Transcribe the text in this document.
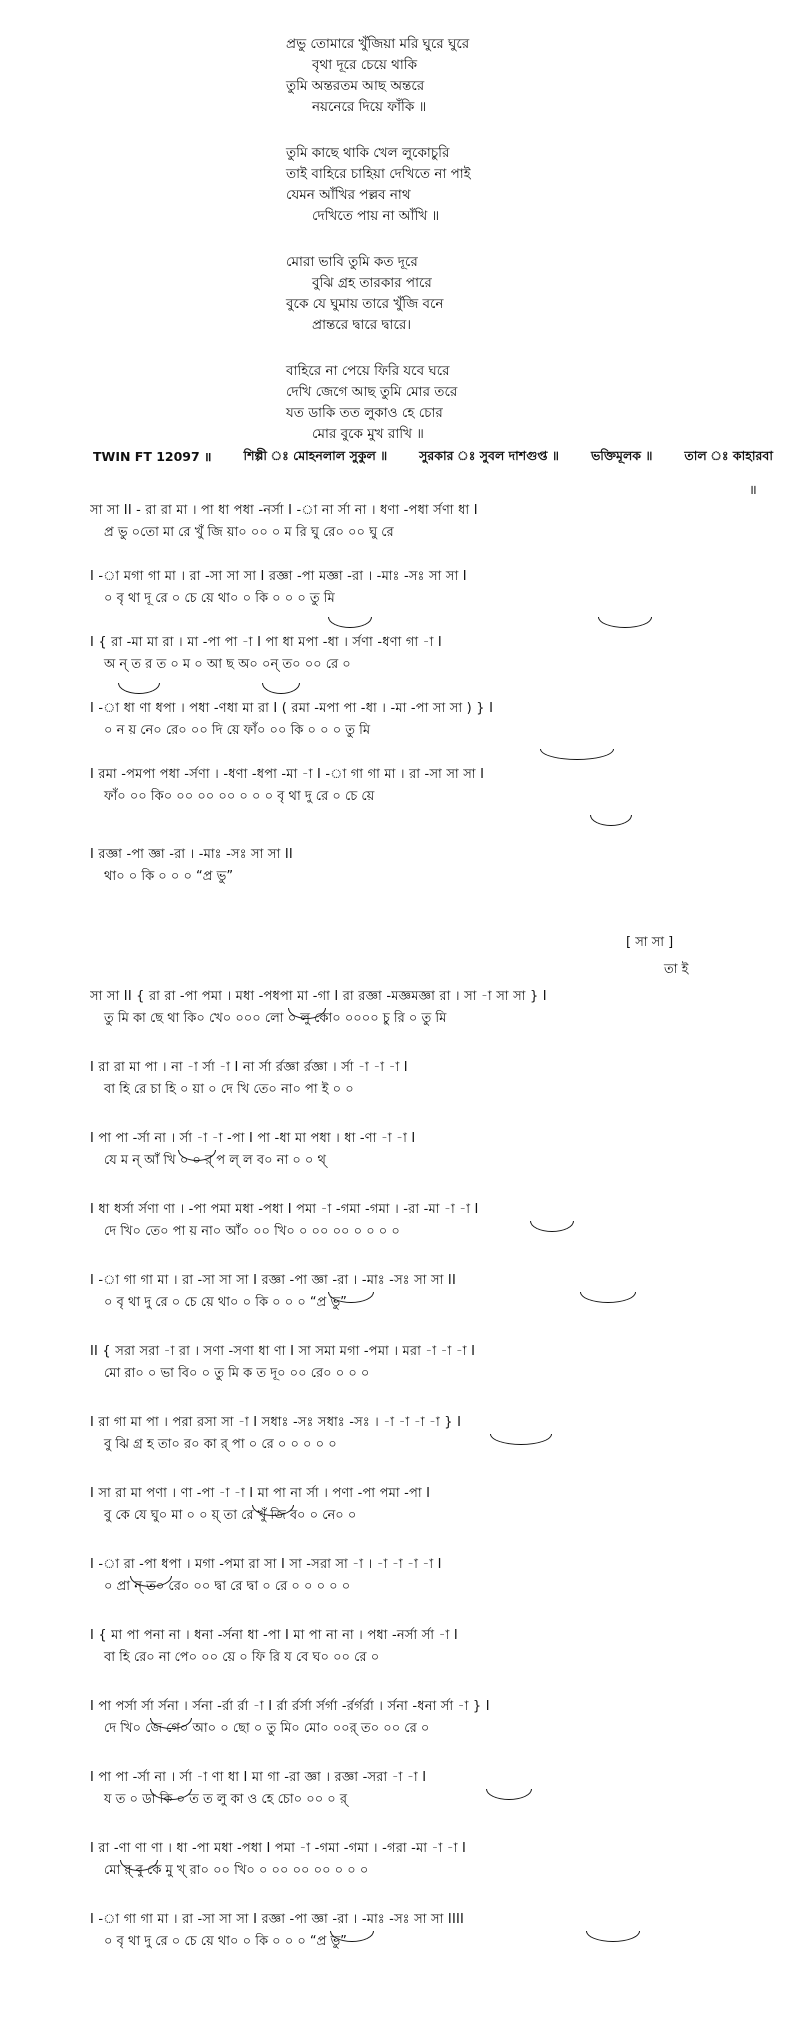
প্রভু তোমারে খুঁজিয়া মরি ঘুরে ঘুরে
বৃথা দূরে চেয়ে থাকি
তুমি অন্তরতম আছ অন্তরে
নয়নেরে দিয়ে ফাঁকি ॥
তুমি কাছে থাকি খেল লুকোচুরি
তাই বাহিরে চাহিয়া দেখিতে না পাই
যেমন আঁখির পল্লব নাথ
দেখিতে পায় না আঁখি ॥
মোরা ভাবি তুমি কত দূরে
বুঝি গ্রহ তারকার পারে
বুকে যে ঘুমায় তারে খুঁজি বনে
প্রান্তরে দ্বারে দ্বারে।
বাহিরে না পেয়ে ফিরি যবে ঘরে
দেখি জেগে আছ তুমি মোর তরে
যত ডাকি তত লুকাও হে চোর
মোর বুকে মুখ রাখি ॥
TWIN FT 12097 ॥	শিল্পী ঃ মোহনলাল সুকুল ॥	সুরকার ঃ সুবল দাশগুপ্ত ॥	ভক্তিমূলক ॥	তাল ঃ কাহারবা
॥
সা সা II - রা রা মা । পা ধা পধা -নর্সা I -া না র্সা না । ধণা -পধা র্সণা ধা I
প্র ভু ০তো মা রে খুঁ জি য়া০ ০০ ০ ম রি ঘু রে০ ০০ ঘু রে
I -া মগা গা মা । রা -সা সা সা I রজ্ঞা -পা মজ্ঞা -রা । -মাঃ -সঃ সা সা I
০ বৃ থা দূ রে ০ চে য়ে থা০ ০ কি ০ ০ ০ তু মি
I { রা -মা মা রা । মা -পা পা -া I পা ধা মপা -ধা । র্সণা -ধণা গা -া I
অ ন্ ত র ত ০ ম ০ আ ছ অ০ ০ন্ ত০ ০০ রে ০
I -া ধা ণা ধপা । পধা -ণধা মা রা I ( রমা -মপা পা -ধা । -মা -পা সা সা ) } I
০ ন য় নে০ রে০ ০০ দি য়ে ফাঁ০ ০০ কি ০ ০ ০ তু মি
I রমা -পমপা পধা -র্সণা । -ধণা -ধপা -মা -া I -া গা গা মা । রা -সা সা সা I
ফাঁ০ ০০ কি০ ০০ ০০ ০০ ০ ০ ০ বৃ থা দু রে ০ চে য়ে
I রজ্ঞা -পা জ্ঞা -রা । -মাঃ -সঃ সা সা II
থা০ ০ কি ০ ০ ০ “প্র ভু”
[ সা সা ]
তা ই
সা সা II { রা রা -পা পমা । মধা -পধপা মা -গা I রা রজ্ঞা -মজ্ঞমজ্ঞা রা । সা -া সা সা } I
তু মি কা ছে থা কি০ খে০ ০০০ লো ০ লু কো০ ০০০০ চু রি ০ তু মি
I রা রা মা পা । না -া র্সা -া I না র্সা র্রজ্ঞা র্রজ্ঞা । র্সা -া -া -া I
বা হি রে চা হি ০ য়া ০ দে খি তে০ না০ পা ই ০ ০
I পা পা -র্সা না । র্সা -া -া -পা I পা -ধা মা পধা । ধা -ণা -া -া I
যে ম ন্ আঁ খি ০ ০ র্ প ল্ ল ব০ না ০ ০ থ্
I ধা ধর্সা র্সণা ণা । -পা পমা মধা -পধা I পমা -া -গমা -গমা । -রা -মা -া -া I
দে খি০ তে০ পা য় না০ আঁ০ ০০ খি০ ০ ০০ ০০ ০ ০ ০ ০
I -া গা গা মা । রা -সা সা সা I রজ্ঞা -পা জ্ঞা -রা । -মাঃ -সঃ সা সা II
০ বৃ থা দু রে ০ চে য়ে থা০ ০ কি ০ ০ ০ “প্র ভু”
II { সরা সরা -া রা । সণা -সণা ধা ণা I সা সমা মগা -পমা । মরা -া -া -া I
মো রা০ ০ ভা বি০ ০ তু মি ক ত দূ০ ০০ রে০ ০ ০ ০
I রা গা মা পা । পরা রসা সা -া I সধাঃ -সঃ সধাঃ -সঃ । -া -া -া -া } I
বু ঝি গ্র হ তা০ র০ কা র্ পা ০ রে ০ ০ ০ ০ ০
I সা রা মা পণা । ণা -পা -া -া I মা পা না র্সা । পণা -পা পমা -পা I
বু কে যে ঘু০ মা ০ ০ য়্ তা রে খুঁ জি ব০ ০ নে০ ০
I -া রা -পা ধপা । মগা -পমা রা সা I সা -সরা সা -া । -া -া -া -া I
০ প্রা ন্ ত০ রে০ ০০ দ্বা রে দ্বা ০ রে ০ ০ ০ ০ ০
I { মা পা পনা না । ধনা -র্সনা ধা -পা I মা পা না না । পধা -নর্সা র্সা -া I
বা হি রে০ না পে০ ০০ য়ে ০ ফি রি য বে ঘ০ ০০ রে ০
I পা পর্সা র্সা র্সনা । র্সনা -র্রা র্রা -া I র্রা র্রর্সা র্সর্গা -র্রর্গর্রা । র্সনা -ধনা র্সা -া } I
দে খি০ জে গে০ আ০ ০ ছো ০ তু মি০ মো০ ০০র্ ত০ ০০ রে ০
I পা পা -র্সা না । র্সা -া ণা ধা I মা গা -রা জ্ঞা । রজ্ঞা -সরা -া -া I
য ত ০ ডা কি ০ ত ত লু কা ও হে চো০ ০০ ০ র্
I রা -ণা ণা ণা । ধা -পা মধা -পধা I পমা -া -গমা -গমা । -গরা -মা -া -া I
মো র্ বু কে মু খ্ রা০ ০০ খি০ ০ ০০ ০০ ০০ ০ ০ ০
I -া গা গা মা । রা -সা সা সা I রজ্ঞা -পা জ্ঞা -রা । -মাঃ -সঃ সা সা IIII
০ বৃ থা দু রে ০ চে য়ে থা০ ০ কি ০ ০ ০ “প্র ভু”
